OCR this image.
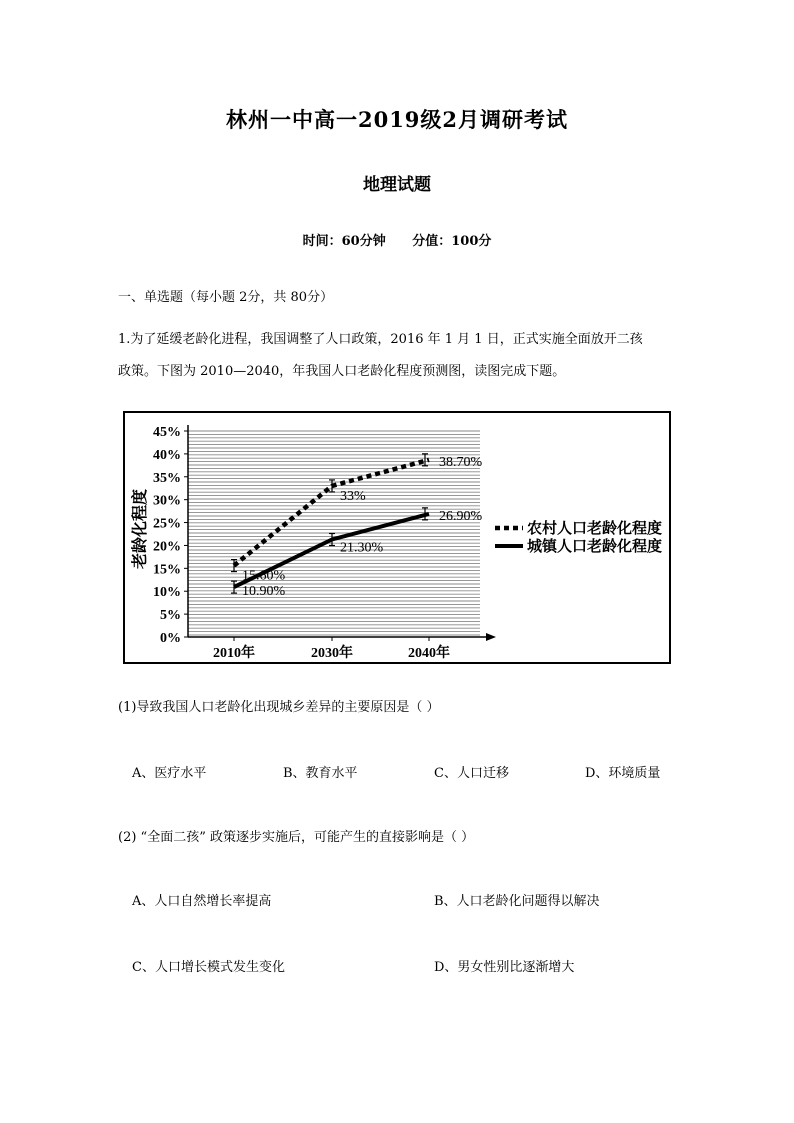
林州一中高一2019级2月调研考试
地理试题
时间：60分钟 分值：100分
一、单选题（每小题 2分，共 80分）
1.为了延缓老龄化进程，我国调整了人口政策，2016 年 1 月 1 日，正式实施全面放开二孩
政策。下图为 2010—2040，年我国人口老龄化程度预测图，读图完成下题。
0%
5%
10%
15%
20%
25%
30%
35%
40%
45%
2010年	2030年	2040年
15.60%
33%
38.70%
10.90%
21.30%
26.90%
老龄化程度	农村人口老龄化程度
城镇人口老龄化程度
(1)导致我国人口老龄化出现城乡差异的主要原因是（ ）
A、医疗水平	B、教育水平	C、人口迁移	D、环境质量
(2) “全面二孩” 政策逐步实施后，可能产生的直接影响是（ ）
A、人口自然增长率提高	B、人口老龄化问题得以解决
C、人口增长模式发生变化	D、男女性别比逐渐增大
